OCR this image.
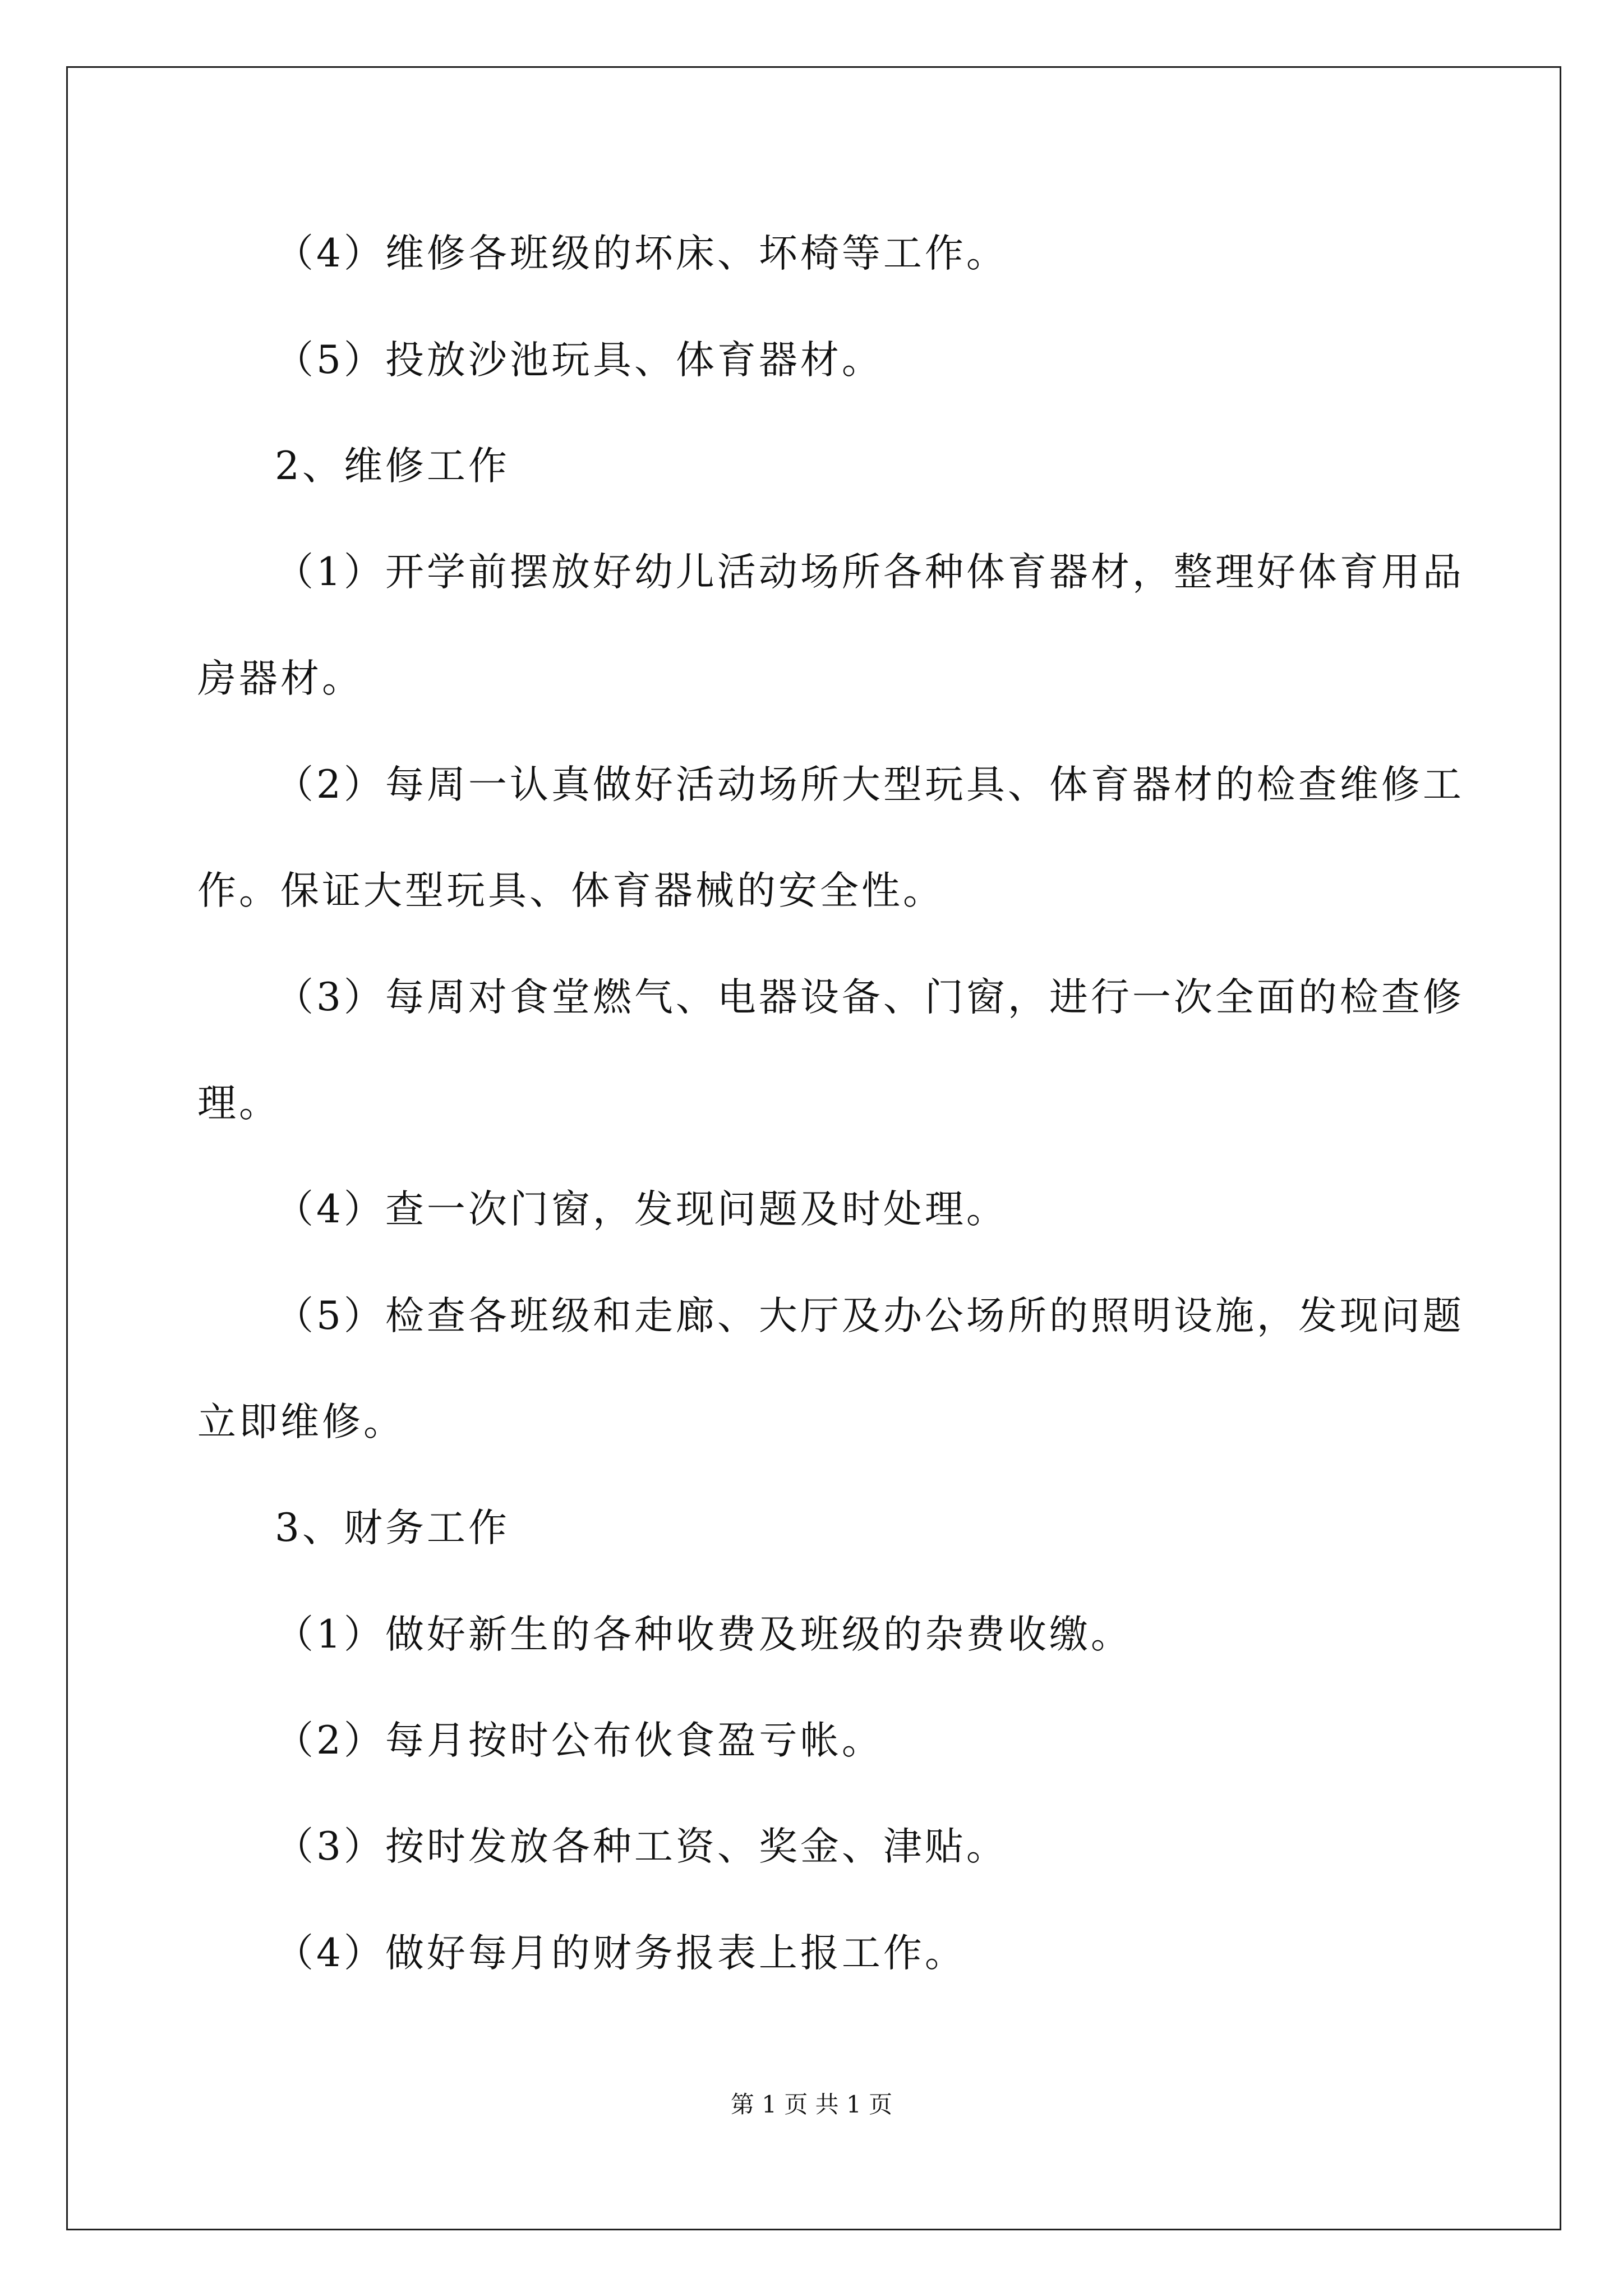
（4）维修各班级的坏床、坏椅等工作。
（5）投放沙池玩具、体育器材。
2、维修工作
（1）开学前摆放好幼儿活动场所各种体育器材，整理好体育用品
房器材。
（2）每周一认真做好活动场所大型玩具、体育器材的检查维修工
作。保证大型玩具、体育器械的安全性。
（3）每周对食堂燃气、电器设备、门窗，进行一次全面的检查修
理。
（4）查一次门窗，发现问题及时处理。
（5）检查各班级和走廊、大厅及办公场所的照明设施，发现问题
立即维修。
3、财务工作
（1）做好新生的各种收费及班级的杂费收缴。
（2）每月按时公布伙食盈亏帐。
（3）按时发放各种工资、奖金、津贴。
（4）做好每月的财务报表上报工作。
第 1 页 共 1 页
